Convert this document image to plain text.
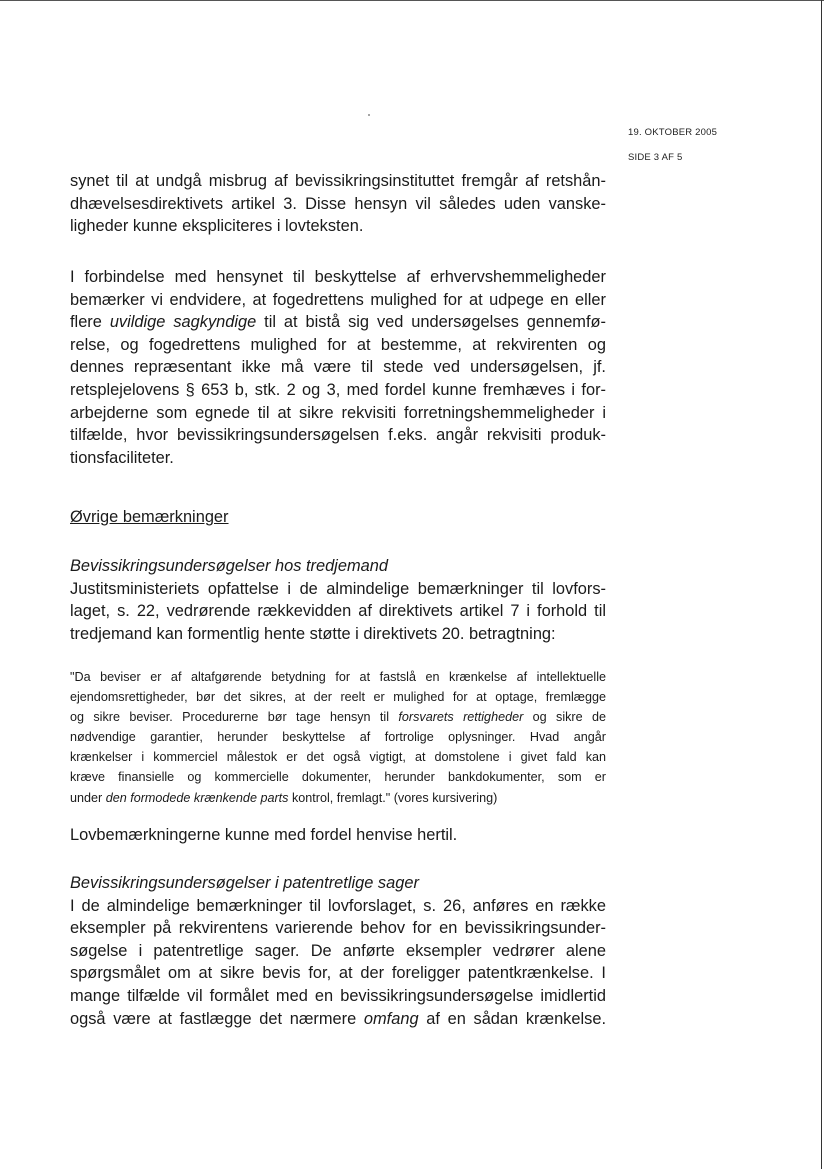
19. OKTOBER 2005
SIDE 3 AF 5

synet til at undgå misbrug af bevissikringsinstituttet fremgår af retshån-
dhævelsesdirektivets artikel 3. Disse hensyn vil således uden vanske-
ligheder kunne eksplic‌iteres i lovteksten.

I forbindelse med hensynet til beskyttelse af erhvervshemmeligheder
bemærker vi endvidere, at fogedrettens mulighed for at udpege en eller
flere uvildige sagkyndige til at bistå sig ved undersøgelses gennemfø-
relse, og fogedrettens mulighed for at bestemme, at rekvirenten og
dennes repræsentant ikke må være til stede ved undersøgelsen, jf.
retsplejelovens § 653 b, stk. 2 og 3, med fordel kunne fremhæves i for-
arbejderne som egnede til at sikre rekvisiti forretningshemmeligheder i
tilfælde, hvor bevissikringsundersøgelsen f.eks. angår rekvisiti produk-
tionsfaciliteter.

Øvrige bemærkninger
Bevissikringsundersøgelser hos tredjemand

Justitsministeriets opfattelse i de almindelige bemærkninger til lovfors-
laget, s. 22, vedrørende rækkevidden af direktivets artikel 7 i forhold til
tredjemand kan formentlig hente støtte i direktivets 20. betragtning:

"Da beviser er af altafgørende betydning for at fastslå en krænkelse af intellektuelle
ejendomsrettigheder, bør det sikres, at der reelt er mulighed for at optage, fremlægge
og sikre beviser. Procedurerne bør tage hensyn til forsvarets rettigheder og sikre de
nødvendige garantier, herunder beskyttelse af fortrolige oplysninger. Hvad angår
krænkelser i kommerciel målestok er det også vigtigt, at domstolene i givet fald kan
kræve finansielle og kommercielle dokumenter, herunder bankdokumenter, som er
under den formodede krænkende parts kontrol, fremlagt." (vores kursivering)

Lovbemærkningerne kunne med fordel henvise hertil.
Bevissikringsundersøgelser i patentretlige sager

I de almindelige bemærkninger til lovforslaget, s. 26, anføres en række
eksempler på rekvirentens varierende behov for en bevissikringsunder-
søgelse i patentretlige sager. De anførte eksempler vedrører alene
spørgsmålet om at sikre bevis for, at der foreligger patentkrænkelse. I
mange tilfælde vil formålet med en bevissikringsundersøgelse imidlertid
også være at fastlægge det nærmere omfang af en sådan krænkelse.
